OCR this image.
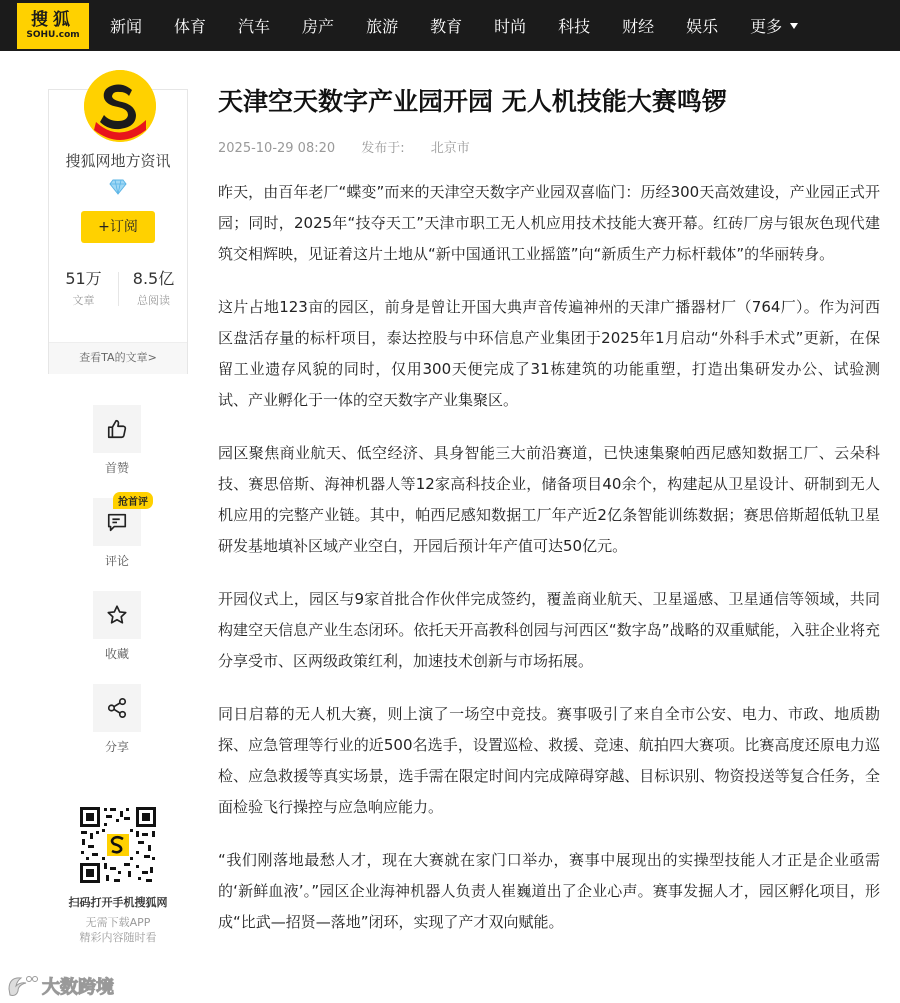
搜狐
SOHU.com	新闻 体育 汽车 房产 旅游 教育 时尚 科技 财经 娱乐 更多
搜狐网地方资讯
+订阅
51万
文章
8.5亿
总阅读
查看TA的文章>
首赞
抢首评
评论
收藏
分享
扫码打开手机搜狐网
无需下载APP
精彩内容随时看
大数跨境
天津空天数字产业园开园 无人机技能大赛鸣锣
2025-10-29 08:20 发布于: 北京市

昨天，由百年老厂“蝶变”而来的天津空天数字产业园双喜临门：历经300天高效建设，产业园正式开园；同时，2025年“技夺天工”天津市职工无人机应用技术技能大赛开幕。红砖厂房与银灰色现代建筑交相辉映，见证着这片土地从“新中国通讯工业摇篮”向“新质生产力标杆载体”的华丽转身。

这片占地123亩的园区，前身是曾让开国大典声音传遍神州的天津广播器材厂（764厂）。作为河西区盘活存量的标杆项目，泰达控股与中环信息产业集团于2025年1月启动“外科手术式”更新，在保留工业遗存风貌的同时，仅用300天便完成了31栋建筑的功能重塑，打造出集研发办公、试验测试、产业孵化于一体的空天数字产业集聚区。

园区聚焦商业航天、低空经济、具身智能三大前沿赛道，已快速集聚帕西尼感知数据工厂、云朵科技、赛思倍斯、海神机器人等12家高科技企业，储备项目40余个，构建起从卫星设计、研制到无人机应用的完整产业链。其中，帕西尼感知数据工厂年产近2亿条智能训练数据；赛思倍斯超低轨卫星研发基地填补区域产业空白，开园后预计年产值可达50亿元。

开园仪式上，园区与9家首批合作伙伴完成签约，覆盖商业航天、卫星遥感、卫星通信等领域，共同构建空天信息产业生态闭环。依托天开高教科创园与河西区“数字岛”战略的双重赋能，入驻企业将充分享受市、区两级政策红利，加速技术创新与市场拓展。

同日启幕的无人机大赛，则上演了一场空中竞技。赛事吸引了来自全市公安、电力、市政、地质勘探、应急管理等行业的近500名选手，设置巡检、救援、竞速、航拍四大赛项。比赛高度还原电力巡检、应急救援等真实场景，选手需在限定时间内完成障碍穿越、目标识别、物资投送等复合任务，全面检验飞行操控与应急响应能力。

“我们刚落地最愁人才，现在大赛就在家门口举办，赛事中展现出的实操型技能人才正是企业亟需的‘新鲜血液’。”园区企业海神机器人负责人崔巍道出了企业心声。赛事发掘人才，园区孵化项目，形成“比武—招贤—落地”闭环，实现了产才双向赋能。
